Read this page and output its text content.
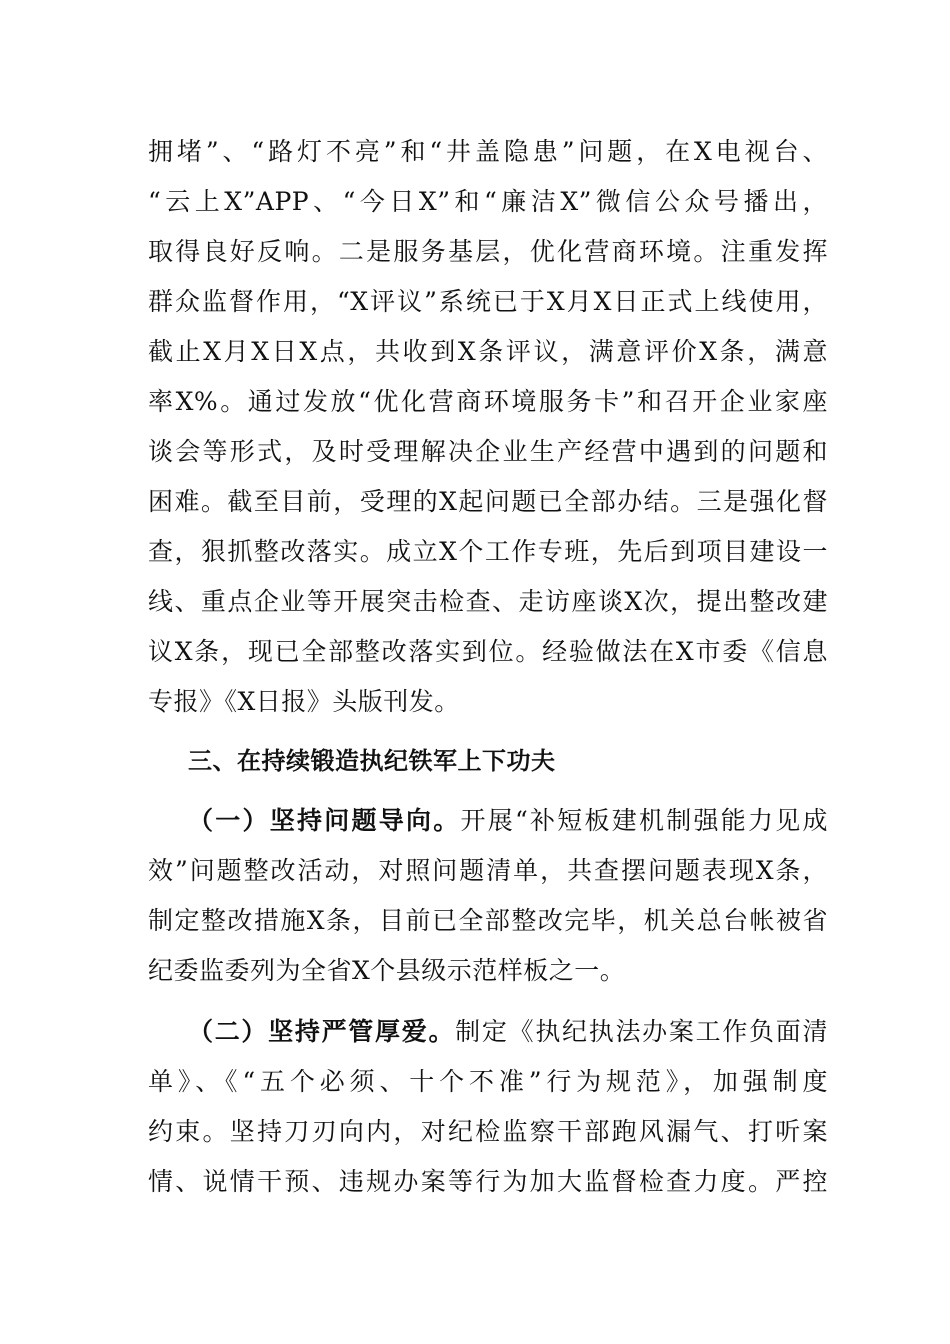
拥堵”、“路灯不亮”和“井盖隐患”问题，在X电视台、
“云上X”APP、“今日X”和“廉洁X”微信公众号播出，
取得良好反响。二是服务基层，优化营商环境。注重发挥
群众监督作用，“X评议”系统已于X月X日正式上线使用，
截止X月X日X点，共收到X条评议，满意评价X条，满意
率X%。通过发放“优化营商环境服务卡”和召开企业家座
谈会等形式，及时受理解决企业生产经营中遇到的问题和
困难。截至目前，受理的X起问题已全部办结。三是强化督
查，狠抓整改落实。成立X个工作专班，先后到项目建设一
线、重点企业等开展突击检查、走访座谈X次，提出整改建
议X条，现已全部整改落实到位。经验做法在X市委《信息
专报》《X日报》头版刊发。
三、在持续锻造执纪铁军上下功夫
（一）坚持问题导向。开展“补短板建机制强能力见成
效”问题整改活动，对照问题清单，共查摆问题表现X条，
制定整改措施X条，目前已全部整改完毕，机关总台帐被省
纪委监委列为全省X个县级示范样板之一。
（二）坚持严管厚爱。制定《执纪执法办案工作负面清
单》、《“五个必须、十个不准”行为规范》，加强制度
约束。坚持刀刃向内，对纪检监察干部跑风漏气、打听案
情、说情干预、违规办案等行为加大监督检查力度。严控
